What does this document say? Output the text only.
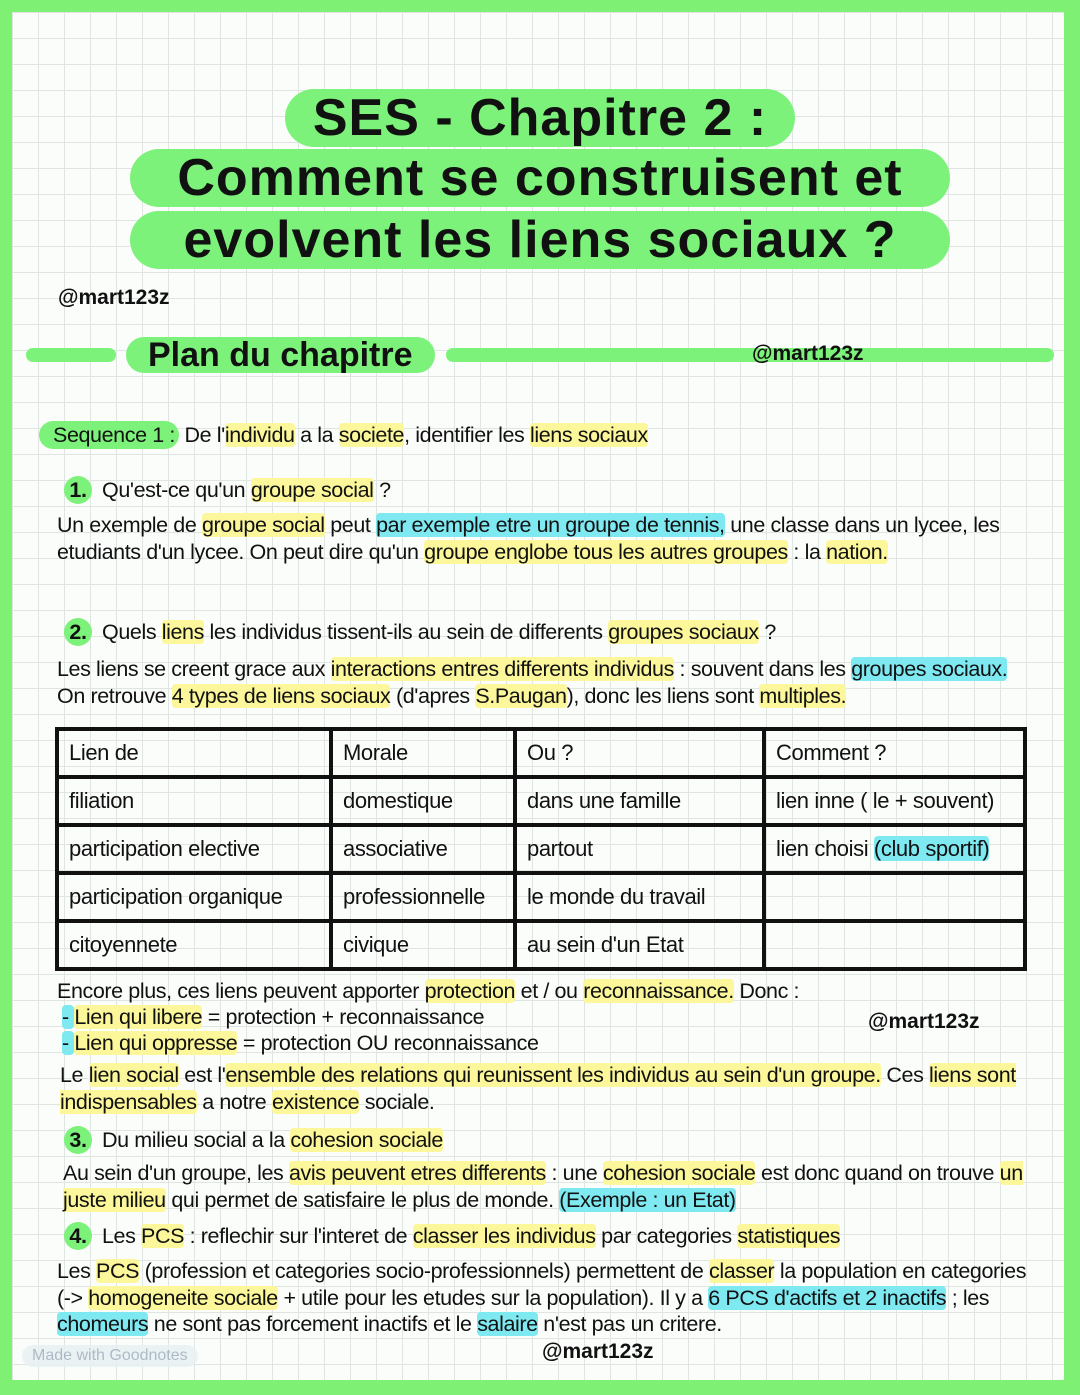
SES - Chapitre 2 :
Comment se construisent et
evolvent les liens sociaux ?
@mart123z
Plan du chapitre	@mart123z
Sequence 1 : De l'individu a la societe, identifier les liens sociaux
1. Qu'est-ce qu'un groupe social ?
Un exemple de groupe social peut par exemple etre un groupe de tennis, une classe dans un lycee, les etudiants d'un lycee. On peut dire qu'un groupe englobe tous les autres groupes : la nation.
2. Quels liens les individus tissent-ils au sein de differents groupes sociaux ?
Les liens se creent grace aux interactions entres differents individus : souvent dans les groupes sociaux. On retrouve 4 types de liens sociaux (d'apres S.Paugan), donc les liens sont multiples.
Lien de	Morale	Ou ?	Comment ?
filiation	domestique	dans une famille	lien inne ( le + souvent)
participation elective	associative	partout	lien choisi (club sportif)
participation organique	professionnelle	le monde du travail	
citoyennete	civique	au sein d'un Etat	
Encore plus, ces liens peuvent apporter protection et / ou reconnaissance. Donc :
- Lien qui libere = protection + reconnaissance
- Lien qui oppresse = protection OU reconnaissance
@mart123z
Le lien social est l'ensemble des relations qui reunissent les individus au sein d'un groupe. Ces liens sont indispensables a notre existence sociale.
3. Du milieu social a la cohesion sociale
Au sein d'un groupe, les avis peuvent etres differents : une cohesion sociale est donc quand on trouve un juste milieu qui permet de satisfaire le plus de monde. (Exemple : un Etat)
4. Les PCS : reflechir sur l'interet de classer les individus par categories statistiques
Les PCS (profession et categories socio-professionnels) permettent de classer la population en categories (-> homogeneite sociale + utile pour les etudes sur la population). Il y a 6 PCS d'actifs et 2 inactifs ; les chomeurs ne sont pas forcement inactifs et le salaire n'est pas un critere.
@mart123z
Made with Goodnotes
